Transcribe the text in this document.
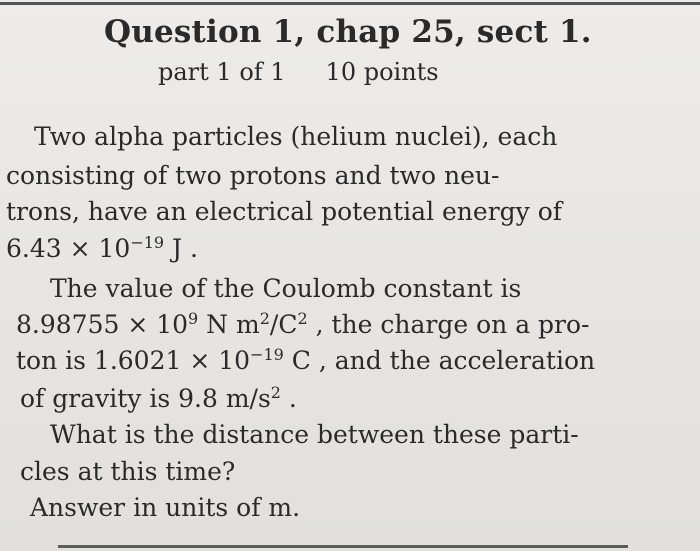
Question 1, chap 25, sect 1.
part 1 of 1 10 points
Two alpha particles (helium nuclei), each
consisting of two protons and two neu-
trons, have an electrical potential energy of
$6.43 \times 10^{-19}$ J .
The value of the Coulomb constant is
$8.98755 \times 10^9$ N $m^2/C^2$ , the charge on a pro-
ton is $1.6021 \times 10^{-19}$ C , and the acceleration
of gravity is 9.8 $m/s^2$ .
What is the distance between these parti-
cles at this time?
Answer in units of m.
